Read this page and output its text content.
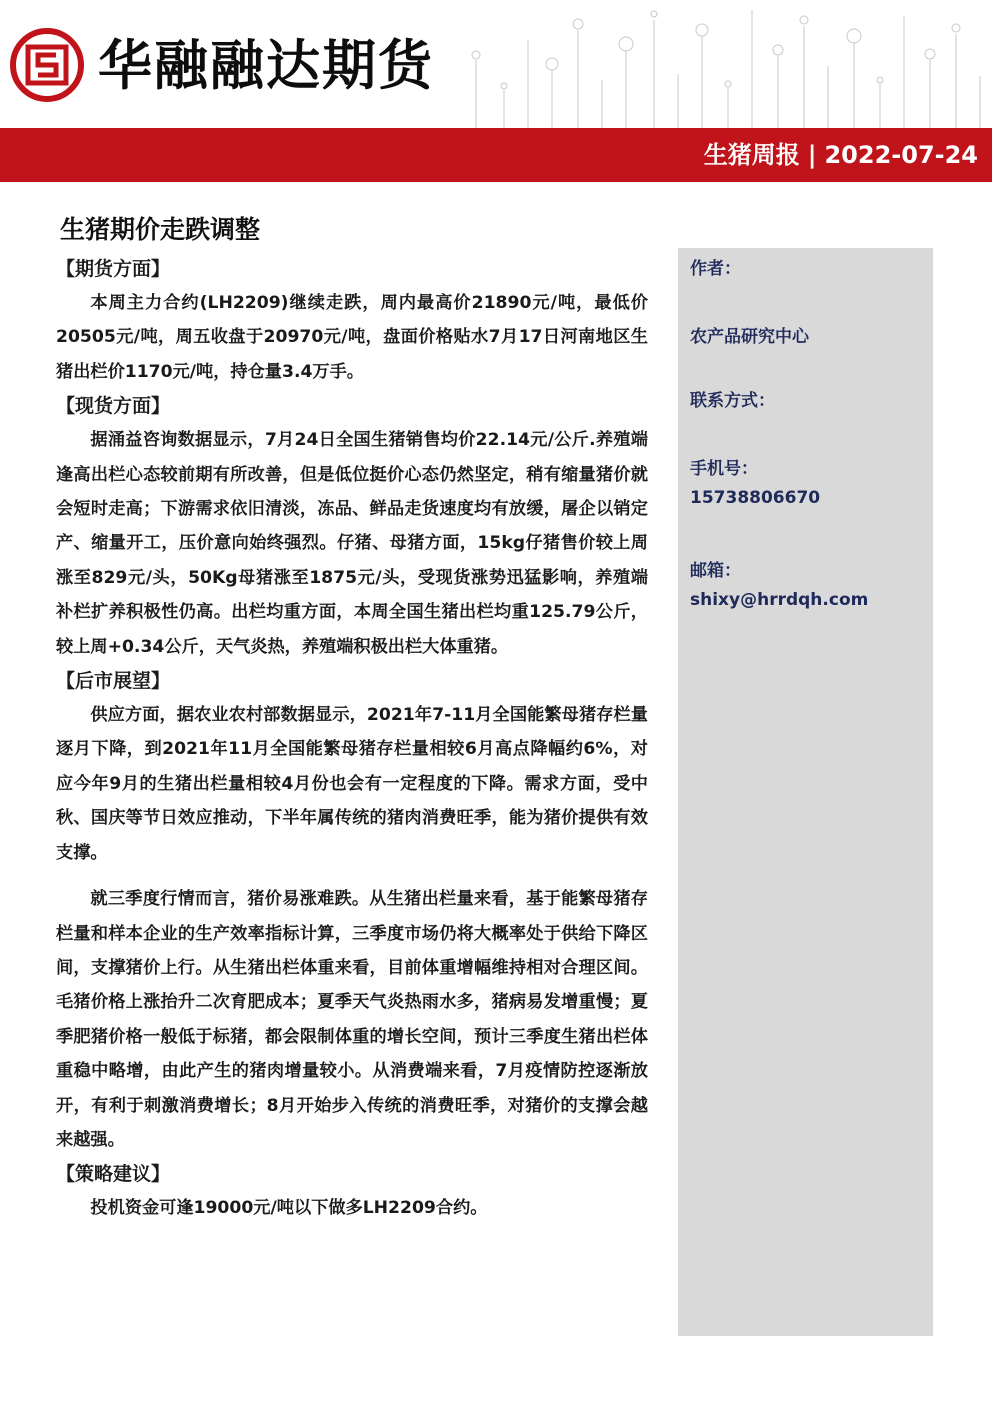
华融融达期货
生猪周报 | 2022-07-24
生猪期价走跌调整
【期货方面】

本周主力合约(LH2209)继续走跌，周内最高价21890元/吨，最低价20505元/吨，周五收盘于20970元/吨，盘面价格贴水7月17日河南地区生猪出栏价1170元/吨，持仓量3.4万手。

【现货方面】

据涌益咨询数据显示，7月24日全国生猪销售均价22.14元/公斤.养殖端逢高出栏心态较前期有所改善，但是低位挺价心态仍然坚定，稍有缩量猪价就会短时走高；下游需求依旧清淡，冻品、鲜品走货速度均有放缓，屠企以销定产、缩量开工，压价意向始终强烈。仔猪、母猪方面，15kg仔猪售价较上周涨至829元/头，50Kg母猪涨至1875元/头，受现货涨势迅猛影响，养殖端补栏扩养积极性仍高。出栏均重方面，本周全国生猪出栏均重125.79公斤，较上周+0.34公斤，天气炎热，养殖端积极出栏大体重猪。

【后市展望】

供应方面，据农业农村部数据显示，2021年7-11月全国能繁母猪存栏量逐月下降，到2021年11月全国能繁母猪存栏量相较6月高点降幅约6%，对应今年9月的生猪出栏量相较4月份也会有一定程度的下降。需求方面，受中秋、国庆等节日效应推动，下半年属传统的猪肉消费旺季，能为猪价提供有效支撑。

就三季度行情而言，猪价易涨难跌。从生猪出栏量来看，基于能繁母猪存栏量和样本企业的生产效率指标计算，三季度市场仍将大概率处于供给下降区间，支撑猪价上行。从生猪出栏体重来看，目前体重增幅维持相对合理区间。毛猪价格上涨抬升二次育肥成本；夏季天气炎热雨水多，猪病易发增重慢；夏季肥猪价格一般低于标猪，都会限制体重的增长空间，预计三季度生猪出栏体重稳中略增，由此产生的猪肉增量较小。从消费端来看，7月疫情防控逐渐放开，有利于刺激消费增长；8月开始步入传统的消费旺季，对猪价的支撑会越来越强。

【策略建议】

投机资金可逢19000元/吨以下做多LH2209合约。

作者：
农产品研究中心
联系方式：
手机号：
15738806670
邮箱：
shixy@hrrdqh.com
